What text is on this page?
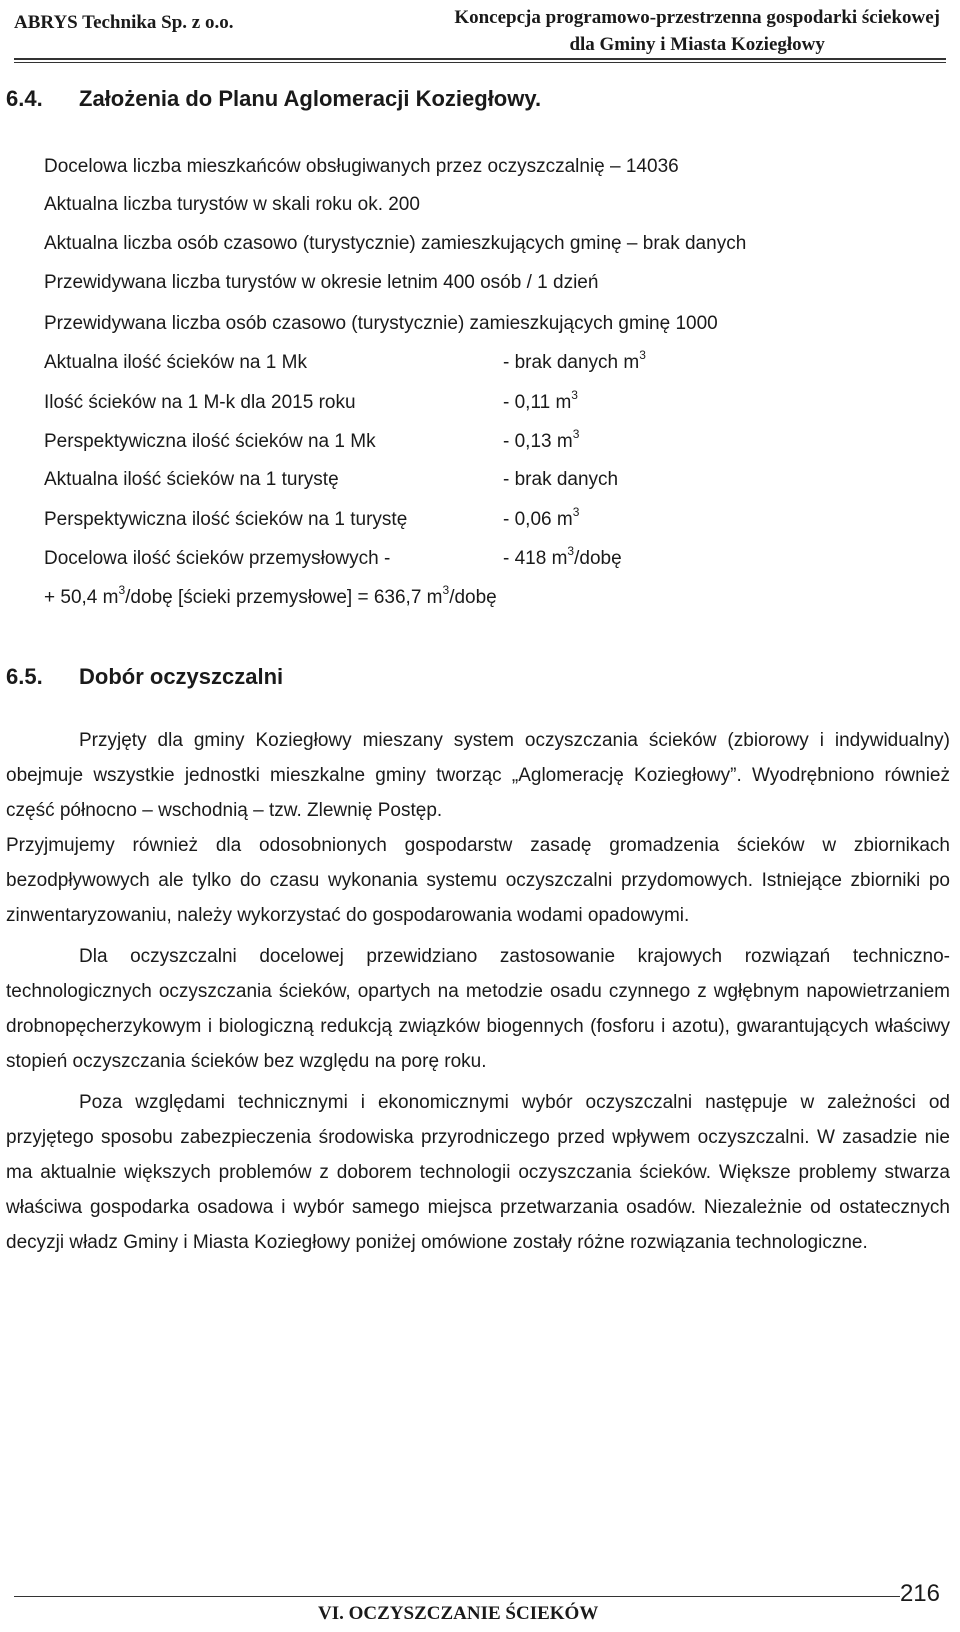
ABRYS Technika Sp. z o.o.	Koncepcja programowo-przestrzenna gospodarki ściekowej
dla Gminy i Miasta Koziegłowy
6.4. Założenia do Planu Aglomeracji Koziegłowy.
Docelowa liczba mieszkańców obsługiwanych przez oczyszczalnię – 14036
Aktualna liczba turystów w skali roku ok. 200
Aktualna liczba osób czasowo (turystycznie) zamieszkujących gminę – brak danych
Przewidywana liczba turystów w okresie letnim 400 osób / 1 dzień
Przewidywana liczba osób czasowo (turystycznie) zamieszkujących gminę 1000
Aktualna ilość ścieków na 1 Mk	- brak danych $m^3$
Ilość ścieków na 1 M-k dla 2015 roku	- 0,11 $m^3$
Perspektywiczna ilość ścieków na 1 Mk	- 0,13 $m^3$
Aktualna ilość ścieków na 1 turystę	- brak danych
Perspektywiczna ilość ścieków na 1 turystę	- 0,06 $m^3$
Docelowa ilość ścieków przemysłowych -	- 418 $m^3$/dobę
+ 50,4 $m^3$/dobę [ścieki przemysłowe] = 636,7 $m^3$/dobę
6.5. Dobór oczyszczalni

Przyjęty dla gminy Koziegłowy mieszany system oczyszczania ścieków (zbiorowy i indywidualny) obejmuje wszystkie jednostki mieszkalne gminy tworząc „Aglomerację Koziegłowy”. Wyodrębniono również część północno – wschodnią – tzw. Zlewnię Postęp.

Przyjmujemy również dla odosobnionych gospodarstw zasadę gromadzenia ścieków w zbiornikach bezodpływowych ale tylko do czasu wykonania systemu oczyszczalni przydomowych. Istniejące zbiorniki po zinwentaryzowaniu, należy wykorzystać do gospodarowania wodami opadowymi.

Dla oczyszczalni docelowej przewidziano zastosowanie krajowych rozwiązań techniczno-technologicznych oczyszczania ścieków, opartych na metodzie osadu czynnego z wgłębnym napowietrzaniem drobnopęcherzykowym i biologiczną redukcją związków biogennych (fosforu i azotu), gwarantujących właściwy stopień oczyszczania ścieków bez względu na porę roku.

Poza względami technicznymi i ekonomicznymi wybór oczyszczalni następuje w zależności od przyjętego sposobu zabezpieczenia środowiska przyrodniczego przed wpływem oczyszczalni. W zasadzie nie ma aktualnie większych problemów z doborem technologii oczyszczania ścieków. Większe problemy stwarza właściwa gospodarka osadowa i wybór samego miejsca przetwarzania osadów. Niezależnie od ostatecznych decyzji władz Gminy i Miasta Koziegłowy poniżej omówione zostały różne rozwiązania technologiczne.

VI. OCZYSZCZANIE ŚCIEKÓW
216
